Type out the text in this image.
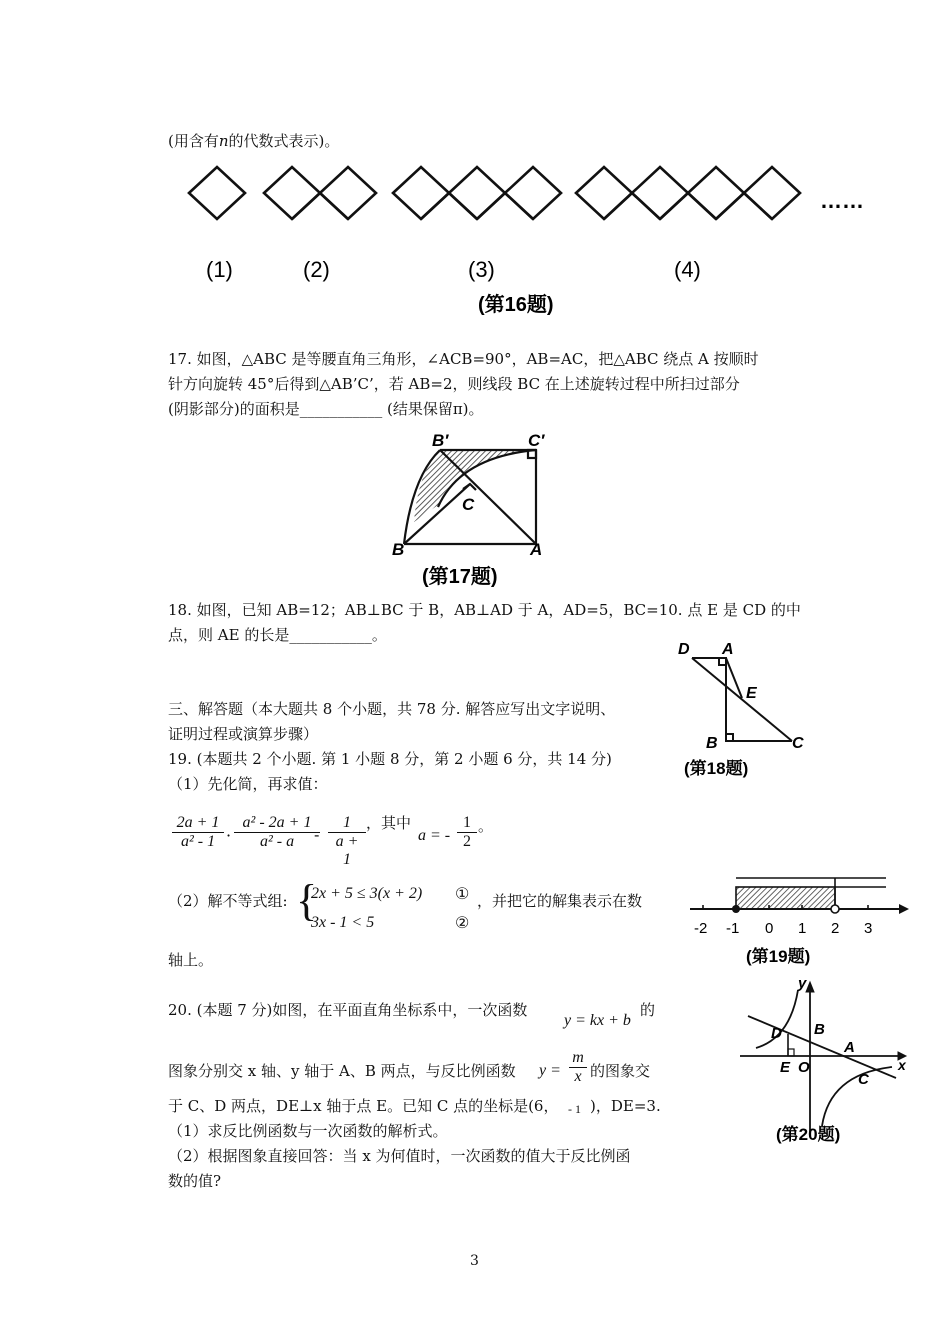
(用含有n的代数式表示)。
……
(1)	(2)	(3)	(4)
(第16题)
17. 如图，△ABC 是等腰直角三角形，∠ACB=90°，AB=AC，把△ABC 绕点 A 按顺时
针方向旋转 45°后得到△AB’C’，若 AB=2，则线段 BC 在上述旋转过程中所扫过部分
(阴影部分)的面积是___________ (结果保留π)。
B′	C′
C
B	A
(第17题)
18. 如图，已知 AB=12；AB⊥BC 于 B，AB⊥AD 于 A，AD=5，BC=10. 点 E 是 CD 的中
点，则 AE 的长是___________。
D A
E
B	C
(第18题)
三、解答题（本大题共 8 个小题，共 78 分. 解答应写出文字说明、
证明过程或演算步骤）
19. (本题共 2 个小题. 第 1 小题 8 分，第 2 小题 6 分，共 14 分)
（1）先化简，再求值：
$\frac{2a + 1}{\text{a² - 1}} \cdot \frac{\text{a² - 2a + 1}}{\text{a² - a}}$
- $\frac{1}{a + 1}$ ，其中
a = - $\frac{1}{2}$ 。
（2）解不等式组: {
2x + 5 ≤ 3(x + 2)
3x - 1 < 5
①
②
，并把它的解集表示在数
轴上。
-2 -1 0 1 2 3
(第19题)
20. (本题 7 分)如图，在平面直角坐标系中，一次函数
y = kx + b
的
图象分别交 x 轴、y 轴于 A、B 两点，与反比例函数 $y = \frac{m}{x}$ 的图象交
于 C、D 两点，DE⊥x 轴于点 E。已知 C 点的坐标是(6， - 1 )，DE=3.
（1）求反比例函数与一次函数的解析式。
（2）根据图象直接回答：当 x 为何值时，一次函数的值大于反比例函
数的值?
y
D B
A
E O
C
x
(第20题)
3
